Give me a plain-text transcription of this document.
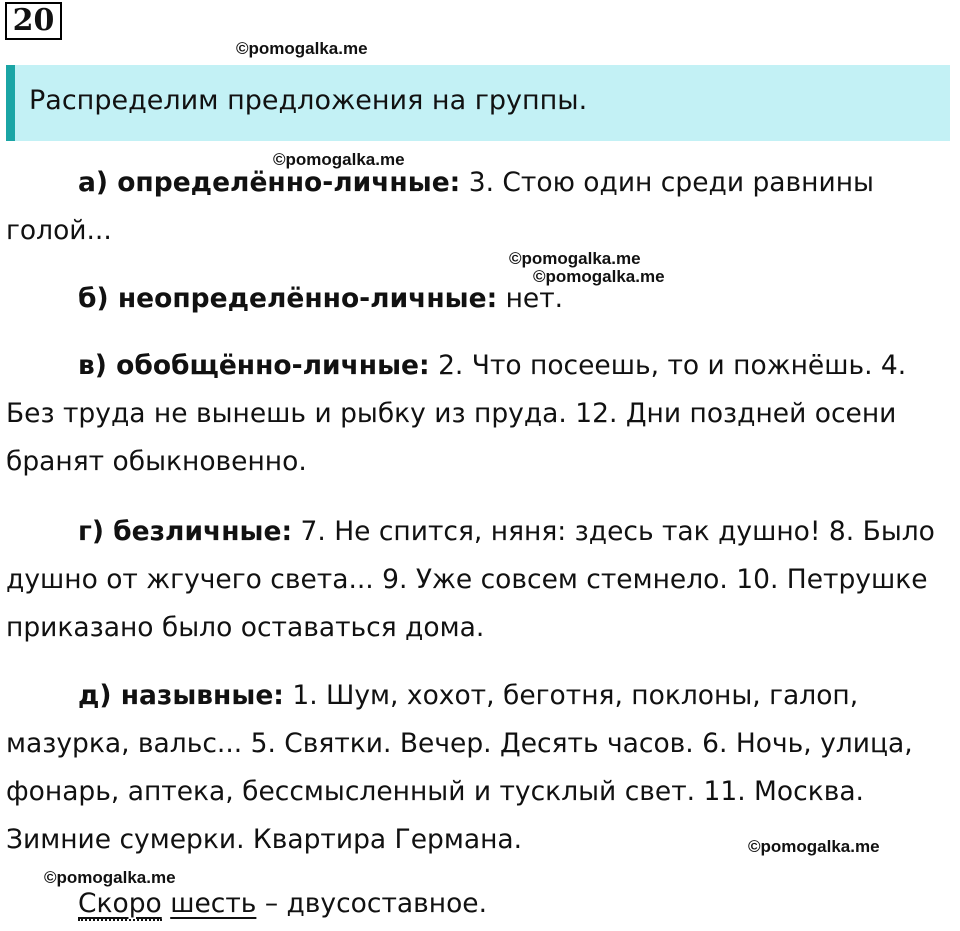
20
©pomogalka.me
©pomogalka.me
©pomogalka.me
©pomogalka.me
©pomogalka.me
©pomogalka.me
Распределим предложения на группы.

а) определённо-личные: 3. Стою один среди равнины голой...

б) неопределённо-личные: нет.

в) обобщённо-личные: 2. Что посеешь, то и пожнёшь. 4. Без труда не вынешь и рыбку из пруда. 12. Дни поздней осени бранят обыкновенно.

г) безличные: 7. Не спится, няня: здесь так душно! 8. Было душно от жгучего света... 9. Уже совсем стемнело. 10. Петрушке приказано было оставаться дома.

д) назывные: 1. Шум, хохот, беготня, поклоны, галоп, мазурка, вальс... 5. Святки. Вечер. Десять часов. 6. Ночь, улица, фонарь, аптека, бессмысленный и тусклый свет. 11. Москва. Зимние сумерки. Квартира Германа.

Скоро шесть – двусоставное.
